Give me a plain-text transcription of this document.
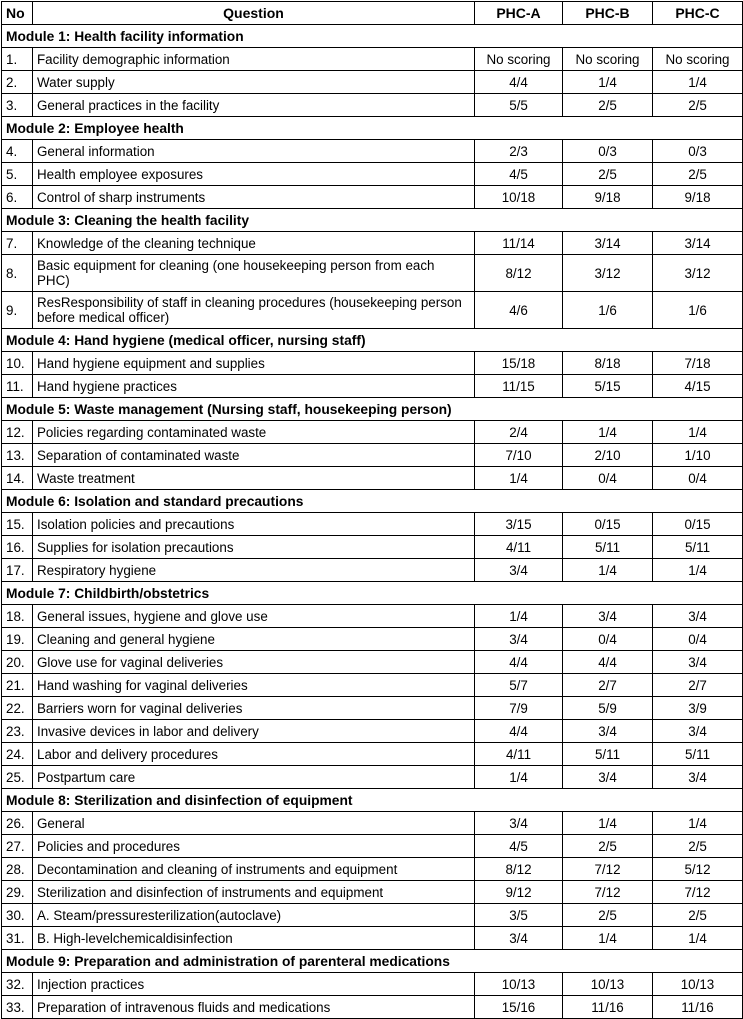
No	Question	PHC-A	PHC-B	PHC-C
Module 1: Health facility information				
1.	Facility demographic information	No scoring	No scoring	No scoring
2.	Water supply	4/4	1/4	1/4
3.	General practices in the facility	5/5	2/5	2/5
Module 2: Employee health				
4.	General information	2/3	0/3	0/3
5.	Health employee exposures	4/5	2/5	2/5
6.	Control of sharp instruments	10/18	9/18	9/18
Module 3: Cleaning the health facility				
7.	Knowledge of the cleaning technique	11/14	3/14	3/14
8.	Basic equipment for cleaning (one housekeeping person from each PHC)	8/12	3/12	3/12
9.	ResResponsibility of staff in cleaning procedures (housekeeping person before medical officer)	4/6	1/6	1/6
Module 4: Hand hygiene (medical officer, nursing staff)				
10.	Hand hygiene equipment and supplies	15/18	8/18	7/18
11.	Hand hygiene practices	11/15	5/15	4/15
Module 5: Waste management (Nursing staff, housekeeping person)				
12.	Policies regarding contaminated waste	2/4	1/4	1/4
13.	Separation of contaminated waste	7/10	2/10	1/10
14.	Waste treatment	1/4	0/4	0/4
Module 6: Isolation and standard precautions				
15.	Isolation policies and precautions	3/15	0/15	0/15
16.	Supplies for isolation precautions	4/11	5/11	5/11
17.	Respiratory hygiene	3/4	1/4	1/4
Module 7: Childbirth/obstetrics				
18.	General issues, hygiene and glove use	1/4	3/4	3/4
19.	Cleaning and general hygiene	3/4	0/4	0/4
20.	Glove use for vaginal deliveries	4/4	4/4	3/4
21.	Hand washing for vaginal deliveries	5/7	2/7	2/7
22.	Barriers worn for vaginal deliveries	7/9	5/9	3/9
23.	Invasive devices in labor and delivery	4/4	3/4	3/4
24.	Labor and delivery procedures	4/11	5/11	5/11
25.	Postpartum care	1/4	3/4	3/4
Module 8: Sterilization and disinfection of equipment				
26.	General	3/4	1/4	1/4
27.	Policies and procedures	4/5	2/5	2/5
28.	Decontamination and cleaning of instruments and equipment	8/12	7/12	5/12
29.	Sterilization and disinfection of instruments and equipment	9/12	7/12	7/12
30.	A. Steam/pressuresterilization(autoclave)	3/5	2/5	2/5
31.	B. High-levelchemicaldisinfection	3/4	1/4	1/4
Module 9: Preparation and administration of parenteral medications				
32.	Injection practices	10/13	10/13	10/13
33.	Preparation of intravenous fluids and medications	15/16	11/16	11/16
